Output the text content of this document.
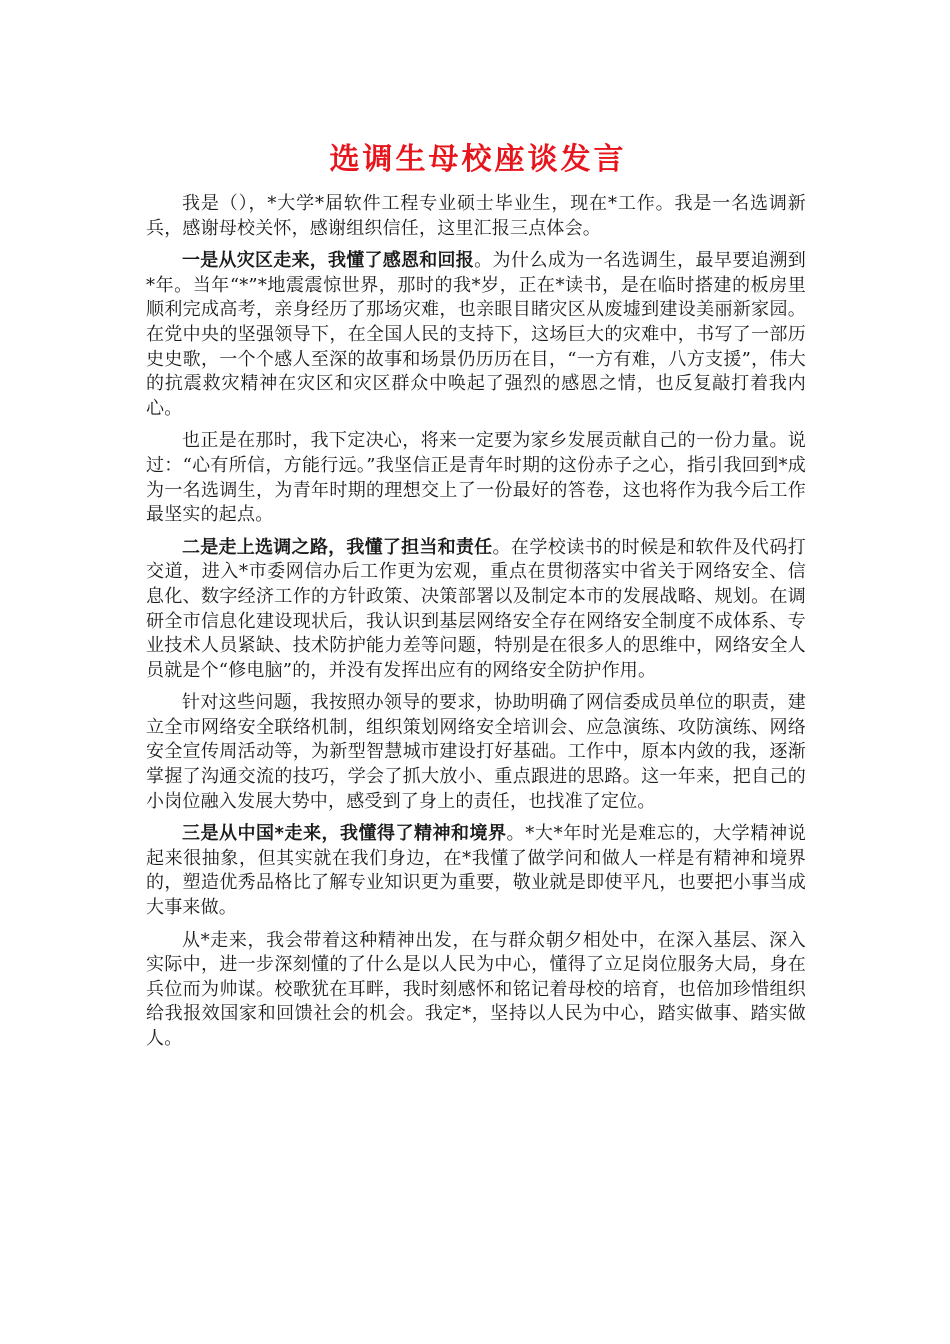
选调生母校座谈发言

我是（），*大学*届软件工程专业硕士毕业生，现在*工作。我是一名选调新兵，感谢母校关怀，感谢组织信任，这里汇报三点体会。

一是从灾区走来，我懂了感恩和回报。为什么成为一名选调生，最早要追溯到*年。当年“*”*地震震惊世界，那时的我*岁，正在*读书，是在临时搭建的板房里顺利完成高考，亲身经历了那场灾难，也亲眼目睹灾区从废墟到建设美丽新家园。在党中央的坚强领导下，在全国人民的支持下，这场巨大的灾难中，书写了一部历史史歌，一个个感人至深的故事和场景仍历历在目，“一方有难，八方支援”，伟大的抗震救灾精神在灾区和灾区群众中唤起了强烈的感恩之情，也反复敲打着我内心。

也正是在那时，我下定决心，将来一定要为家乡发展贡献自己的一份力量。说过：“心有所信，方能行远。”我坚信正是青年时期的这份赤子之心，指引我回到*成为一名选调生，为青年时期的理想交上了一份最好的答卷，这也将作为我今后工作最坚实的起点。

二是走上选调之路，我懂了担当和责任。在学校读书的时候是和软件及代码打交道，进入*市委网信办后工作更为宏观，重点在贯彻落实中省关于网络安全、信息化、数字经济工作的方针政策、决策部署以及制定本市的发展战略、规划。在调研全市信息化建设现状后，我认识到基层网络安全存在网络安全制度不成体系、专业技术人员紧缺、技术防护能力差等问题，特别是在很多人的思维中，网络安全人员就是个“修电脑”的，并没有发挥出应有的网络安全防护作用。

针对这些问题，我按照办领导的要求，协助明确了网信委成员单位的职责，建立全市网络安全联络机制，组织策划网络安全培训会、应急演练、攻防演练、网络安全宣传周活动等，为新型智慧城市建设打好基础。工作中，原本内敛的我，逐渐掌握了沟通交流的技巧，学会了抓大放小、重点跟进的思路。这一年来，把自己的小岗位融入发展大势中，感受到了身上的责任，也找准了定位。

三是从中国*走来，我懂得了精神和境界。*大*年时光是难忘的，大学精神说起来很抽象，但其实就在我们身边，在*我懂了做学问和做人一样是有精神和境界的，塑造优秀品格比了解专业知识更为重要，敬业就是即使平凡，也要把小事当成大事来做。

从*走来，我会带着这种精神出发，在与群众朝夕相处中，在深入基层、深入实际中，进一步深刻懂的了什么是以人民为中心，懂得了立足岗位服务大局，身在兵位而为帅谋。校歌犹在耳畔，我时刻感怀和铭记着母校的培育，也倍加珍惜组织给我报效国家和回馈社会的机会。我定*，坚持以人民为中心，踏实做事、踏实做人。
